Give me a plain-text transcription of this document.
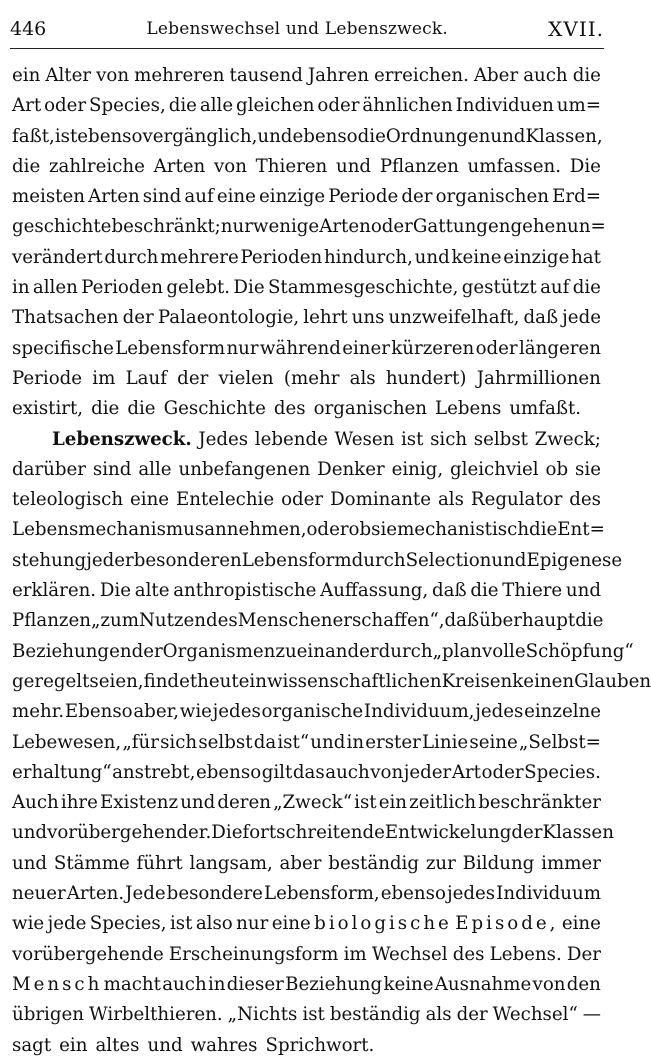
446	Lebenswechsel und Lebenszweck.	XVII.
ein Alter von mehreren tausend Jahren erreichen. Aber auch die
Art oder Species, die alle gleichen oder ähnlichen Individuen um=
faßt, ist ebenso vergänglich, und ebenso die Ordnungen und Klassen,
die zahlreiche Arten von Thieren und Pflanzen umfassen. Die
meisten Arten sind auf eine einzige Periode der organischen Erd=
geschichte beschränkt; nur wenige Arten oder Gattungen gehen un=
verändert durch mehrere Perioden hindurch, und keine einzige hat
in allen Perioden gelebt. Die Stammesgeschichte, gestützt auf die
Thatsachen der Palaeontologie, lehrt uns unzweifelhaft, daß jede
specifische Lebensform nur während einer kürzeren oder längeren
Periode im Lauf der vielen (mehr als hundert) Jahrmillionen
existirt, die die Geschichte des organischen Lebens umfaßt.
Lebenszweck. Jedes lebende Wesen ist sich selbst Zweck;
darüber sind alle unbefangenen Denker einig, gleichviel ob sie
teleologisch eine Entelechie oder Dominante als Regulator des
Lebensmechanismus annehmen, oder ob sie mechanistisch die Ent=
stehung jeder besonderen Lebensform durch Selection und Epigenese
erklären. Die alte anthropistische Auffassung, daß die Thiere und
Pflanzen „zum Nutzen des Menschen erschaffen“, daß überhaupt die
Beziehungen der Organismen zu einander durch „planvolle Schöpfung“
geregelt seien, findet heute in wissenschaftlichen Kreisen keinen Glauben
mehr. Ebenso aber, wie jedes organische Individuum, jedes einzelne
Lebewesen, „für sich selbst da ist“ und in erster Linie seine „Selbst=
erhaltung“ anstrebt, ebenso gilt das auch von jeder Art oder Species.
Auch ihre Existenz und deren „Zweck“ ist ein zeitlich beschränkter
und vorübergehender. Die fortschreitende Entwickelung der Klassen
und Stämme führt langsam, aber beständig zur Bildung immer
neuer Arten. Jede besondere Lebensform, ebenso jedes Individuum
wie jede Species, ist also nur eine biologische Episode, eine
vorübergehende Erscheinungsform im Wechsel des Lebens. Der
Mensch macht auch in dieser Beziehung keine Ausnahme von den
übrigen Wirbelthieren. „Nichts ist beständig als der Wechsel“ —
sagt ein altes und wahres Sprichwort.
